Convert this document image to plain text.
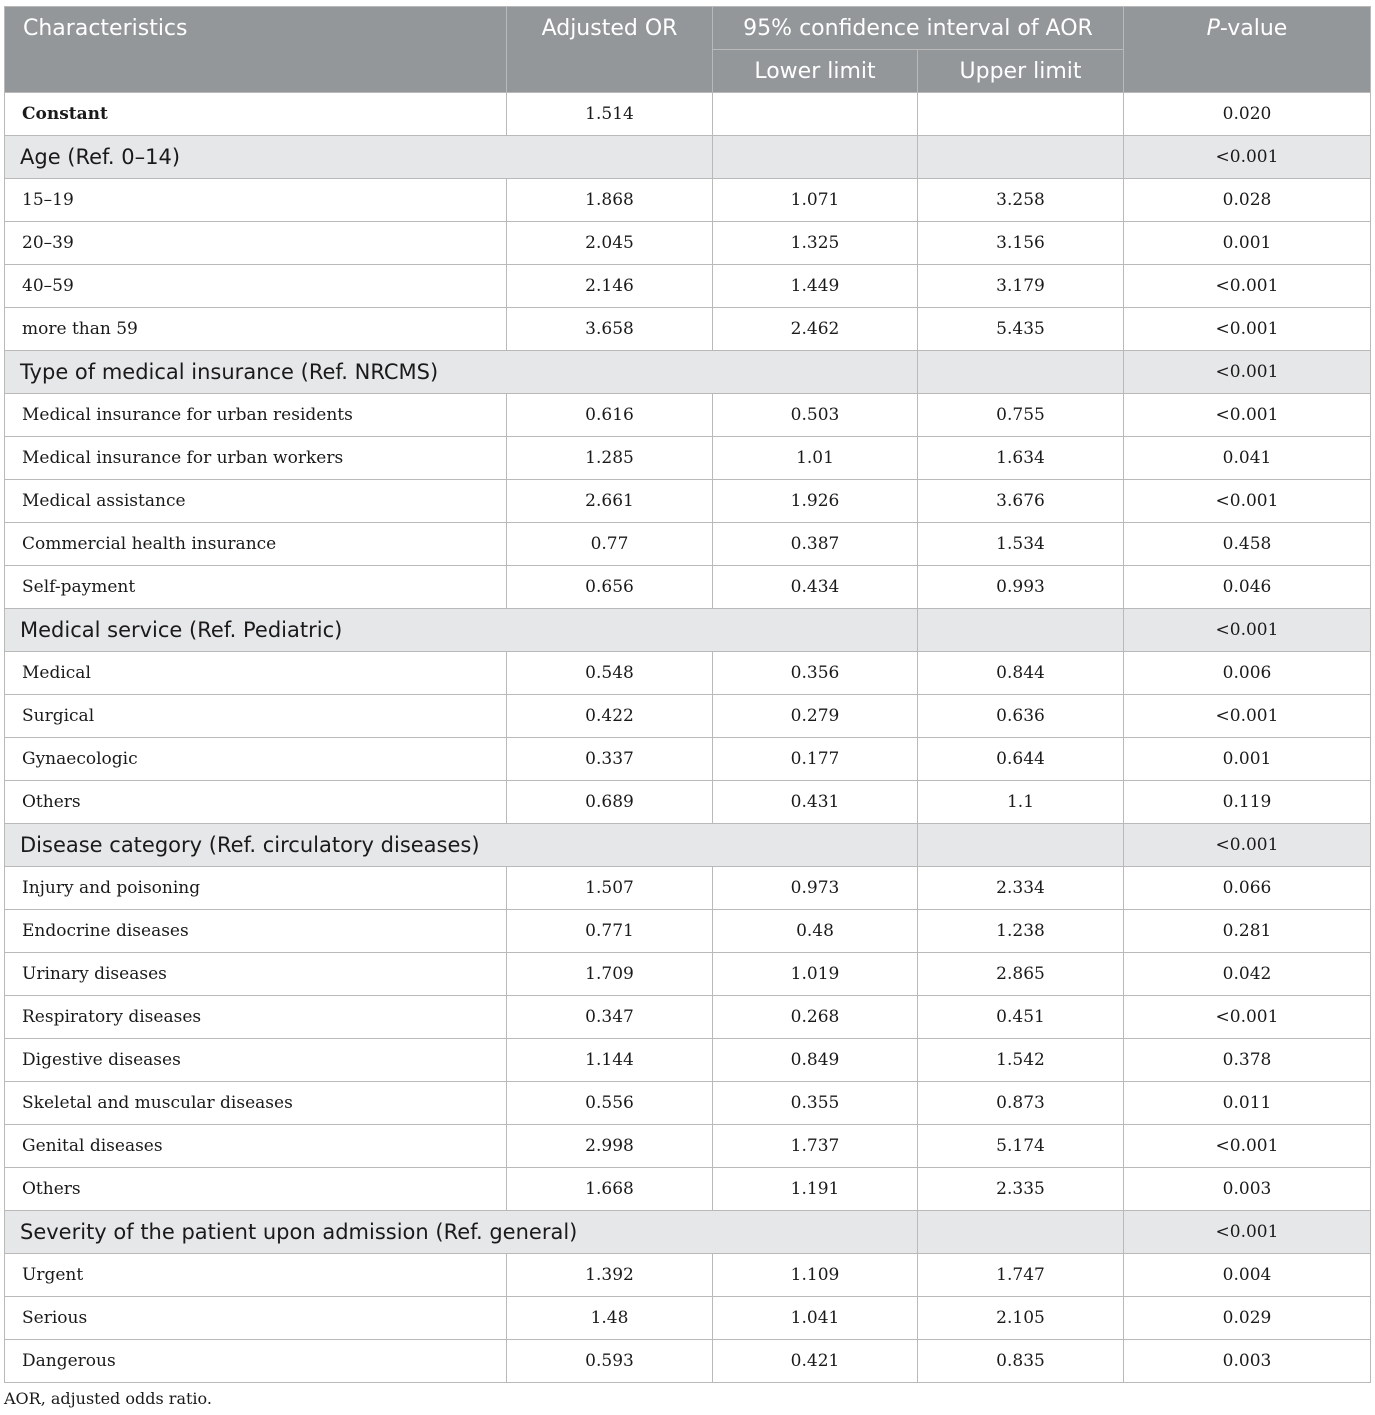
Characteristics	Adjusted OR	95% confidence interval of AOR		P-value
		Lower limit	Upper limit	
Constant	1.514			0.020
Age (Ref. 0–14)				<0.001
15–19	1.868	1.071	3.258	0.028
20–39	2.045	1.325	3.156	0.001
40–59	2.146	1.449	3.179	<0.001
more than 59	3.658	2.462	5.435	<0.001
Type of medical insurance (Ref. NRCMS)				<0.001
Medical insurance for urban residents	0.616	0.503	0.755	<0.001
Medical insurance for urban workers	1.285	1.01	1.634	0.041
Medical assistance	2.661	1.926	3.676	<0.001
Commercial health insurance	0.77	0.387	1.534	0.458
Self-payment	0.656	0.434	0.993	0.046
Medical service (Ref. Pediatric)				<0.001
Medical	0.548	0.356	0.844	0.006
Surgical	0.422	0.279	0.636	<0.001
Gynaecologic	0.337	0.177	0.644	0.001
Others	0.689	0.431	1.1	0.119
Disease category (Ref. circulatory diseases)				<0.001
Injury and poisoning	1.507	0.973	2.334	0.066
Endocrine diseases	0.771	0.48	1.238	0.281
Urinary diseases	1.709	1.019	2.865	0.042
Respiratory diseases	0.347	0.268	0.451	<0.001
Digestive diseases	1.144	0.849	1.542	0.378
Skeletal and muscular diseases	0.556	0.355	0.873	0.011
Genital diseases	2.998	1.737	5.174	<0.001
Others	1.668	1.191	2.335	0.003
Severity of the patient upon admission (Ref. general)				<0.001
Urgent	1.392	1.109	1.747	0.004
Serious	1.48	1.041	2.105	0.029
Dangerous	0.593	0.421	0.835	0.003
AOR, adjusted odds ratio.
